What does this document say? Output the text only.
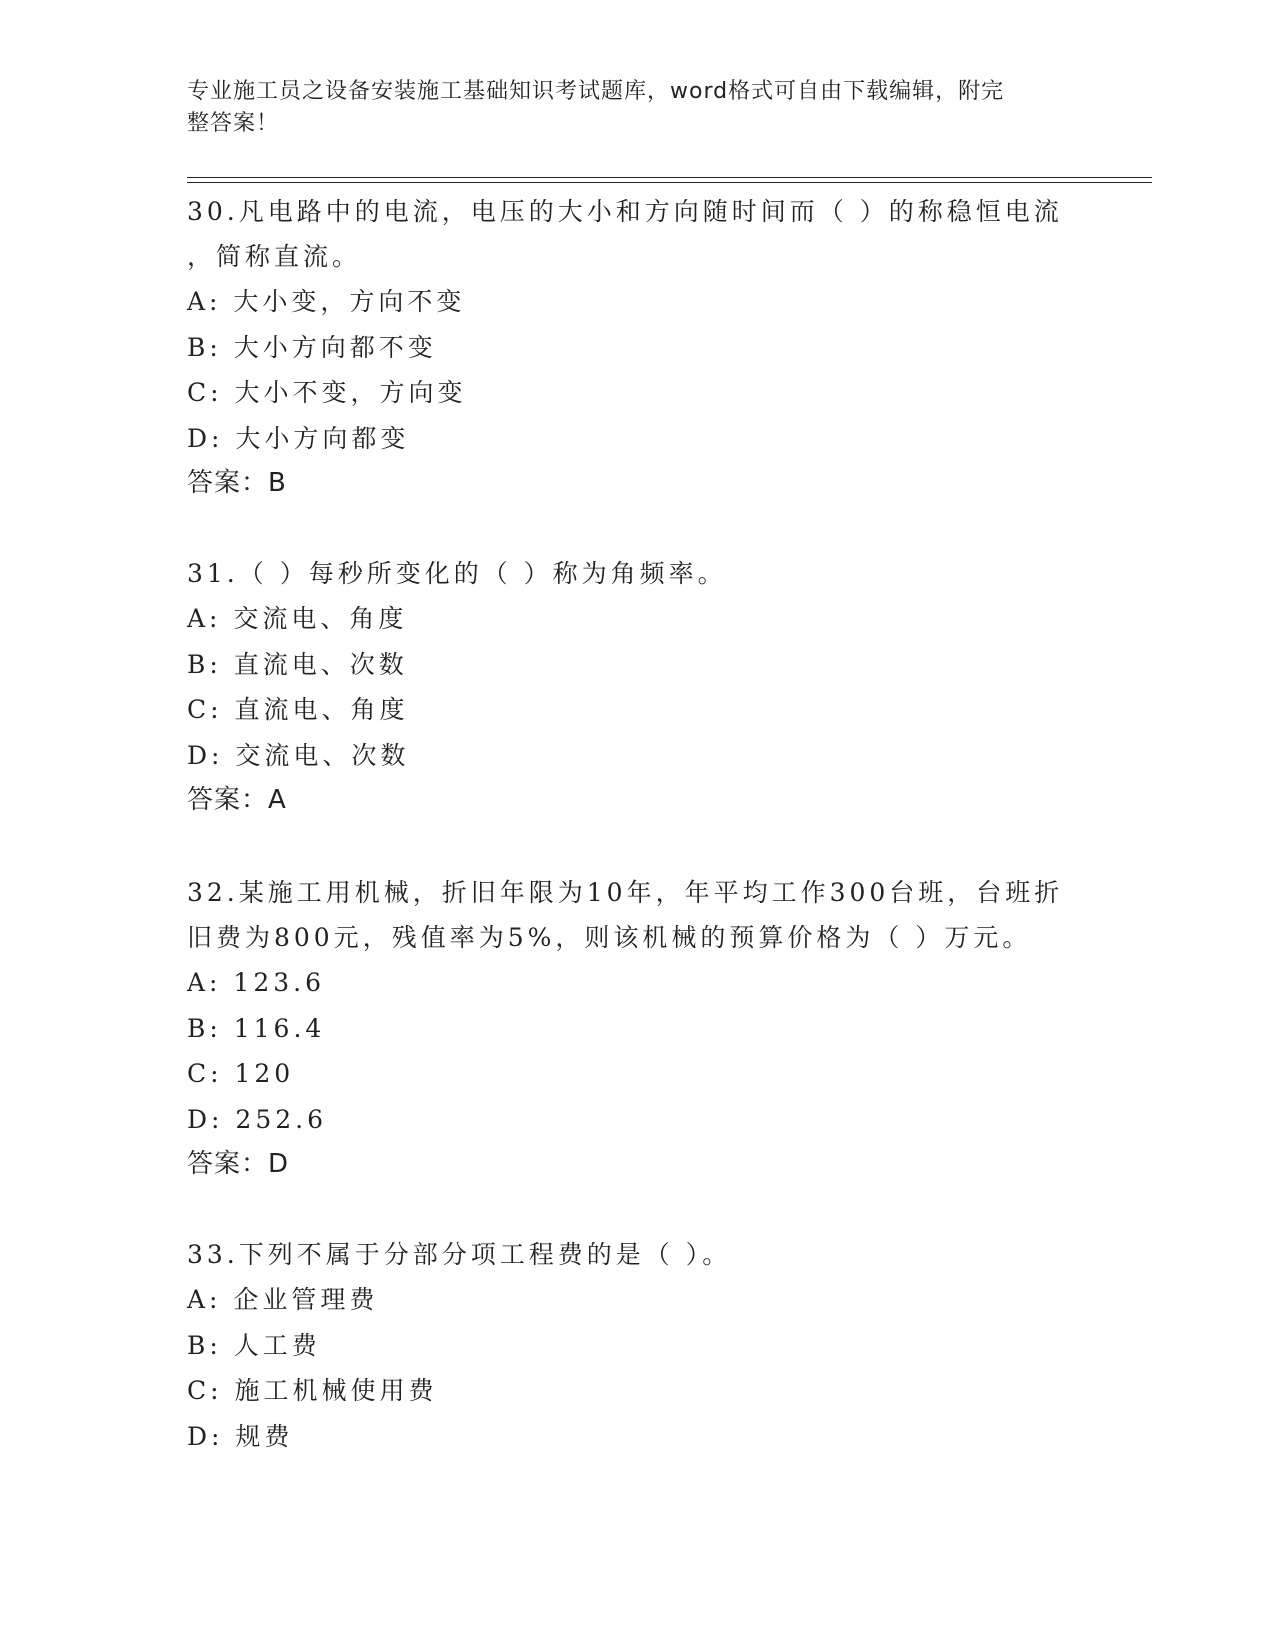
专业施工员之设备安装施工基础知识考试题库，word格式可自由下载编辑，附完
整答案！

30.凡电路中的电流，电压的大小和方向随时间而（ ）的称稳恒电流
，简称直流。

A: 大小变，方向不变

B: 大小方向都不变

C: 大小不变，方向变

D: 大小方向都变

答案：B

31.（ ）每秒所变化的（ ）称为角频率。

A: 交流电、角度

B: 直流电、次数

C: 直流电、角度

D: 交流电、次数

答案：A

32.某施工用机械，折旧年限为10年，年平均工作300台班，台班折
旧费为800元，残值率为5%，则该机械的预算价格为（ ）万元。

A: 123.6

B: 116.4

C: 120

D: 252.6

答案：D

33.下列不属于分部分项工程费的是（ ）。

A: 企业管理费

B: 人工费

C: 施工机械使用费

D: 规费
